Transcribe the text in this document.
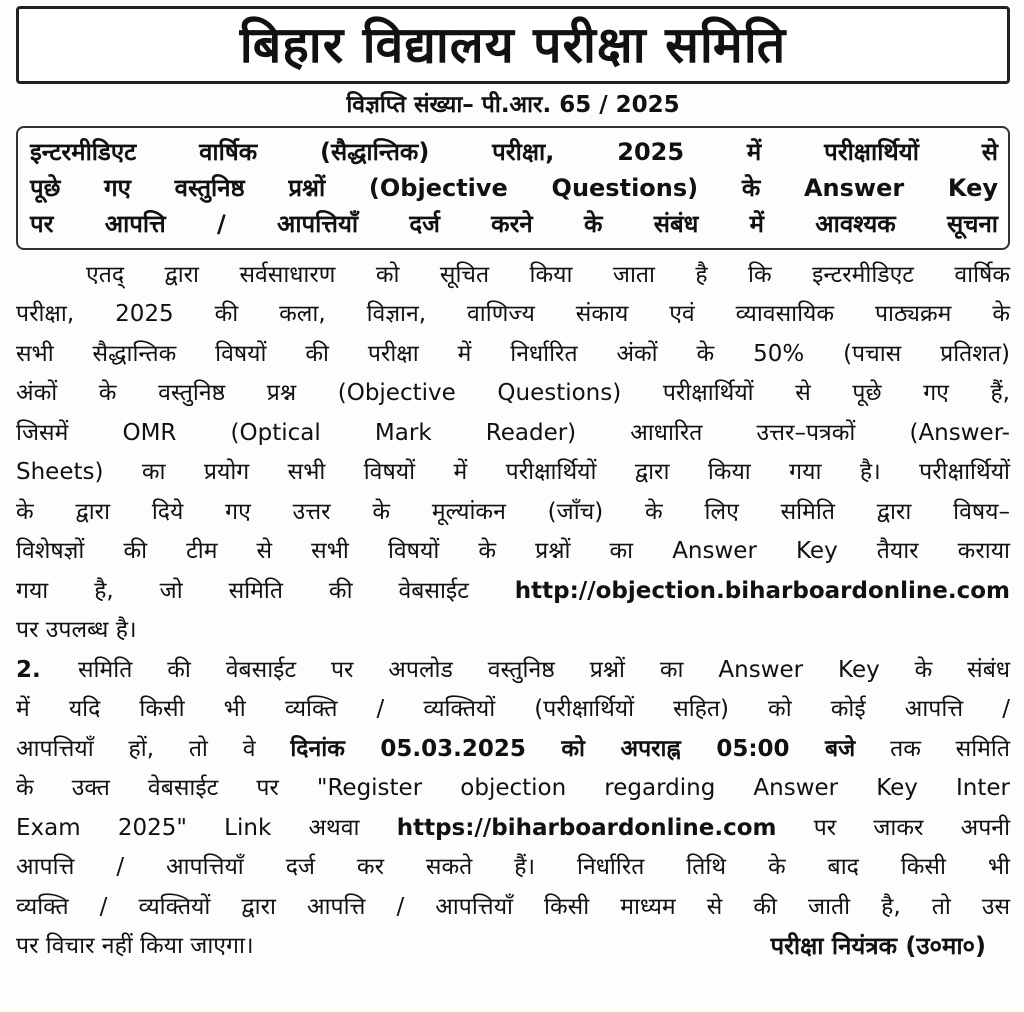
बिहार विद्यालय परीक्षा समिति
विज्ञप्ति संख्या– पी.आर. 65 / 2025
इन्टरमीडिएट वार्षिक (सैद्धान्तिक) परीक्षा, 2025 में परीक्षार्थियों से
पूछे गए वस्तुनिष्ठ प्रश्नों (Objective Questions) के Answer Key
पर आपत्ति / आपत्तियाँ दर्ज करने के संबंध में आवश्यक सूचना
एतद् द्वारा सर्वसाधारण को सूचित किया जाता है कि इन्टरमीडिएट वार्षिक
परीक्षा, 2025 की कला, विज्ञान, वाणिज्य संकाय एवं व्यावसायिक पाठ्यक्रम के
सभी सैद्धान्तिक विषयों की परीक्षा में निर्धारित अंकों के 50% (पचास प्रतिशत)
अंकों के वस्तुनिष्ठ प्रश्न (Objective Questions) परीक्षार्थियों से पूछे गए हैं,
जिसमें OMR (Optical Mark Reader) आधारित उत्तर–पत्रकों (Answer-
Sheets) का प्रयोग सभी विषयों में परीक्षार्थियों द्वारा किया गया है। परीक्षार्थियों
के द्वारा दिये गए उत्तर के मूल्यांकन (जाँच) के लिए समिति द्वारा विषय–
विशेषज्ञों की टीम से सभी विषयों के प्रश्नों का Answer Key तैयार कराया
गया है, जो समिति की वेबसाईट http://objection.biharboardonline.com
पर उपलब्ध है।
2. समिति की वेबसाईट पर अपलोड वस्तुनिष्ठ प्रश्नों का Answer Key के संबंध
में यदि किसी भी व्यक्ति / व्यक्तियों (परीक्षार्थियों सहित) को कोई आपत्ति /
आपत्तियाँ हों, तो वे दिनांक 05.03.2025 को अपराह्न 05:00 बजे तक समिति
के उक्त वेबसाईट पर "Register objection regarding Answer Key Inter
Exam 2025" Link अथवा https://biharboardonline.com पर जाकर अपनी
आपत्ति / आपत्तियाँ दर्ज कर सकते हैं। निर्धारित तिथि के बाद किसी भी
व्यक्ति / व्यक्तियों द्वारा आपत्ति / आपत्तियाँ किसी माध्यम से की जाती है, तो उस
पर विचार नहीं किया जाएगा।	परीक्षा नियंत्रक (उ०मा०)
